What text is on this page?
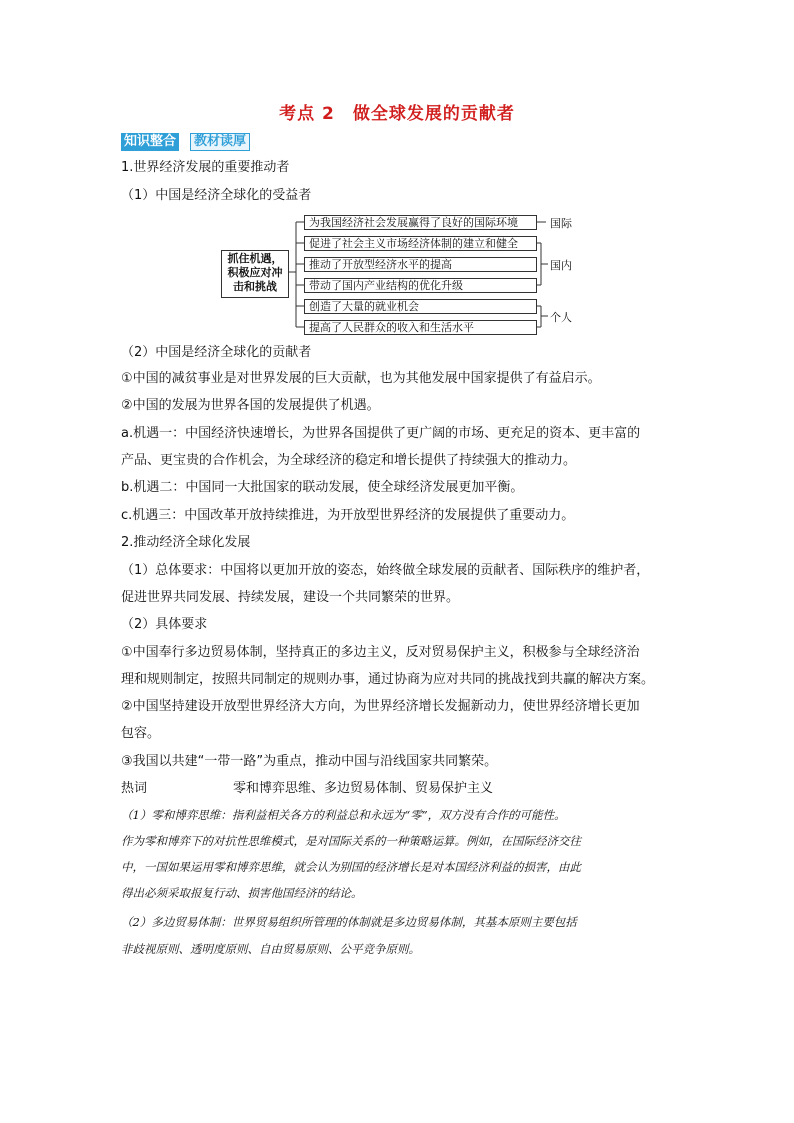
考点 2　做全球发展的贡献者
知识整合	教材读厚
1.世界经济发展的重要推动者
（1）中国是经济全球化的受益者
抓住机遇，积极应对冲击和挑战
为我国经济社会发展赢得了良好的国际环境
促进了社会主义市场经济体制的建立和健全
推动了开放型经济水平的提高
带动了国内产业结构的优化升级
创造了大量的就业机会
提高了人民群众的收入和生活水平
国际
国内
个人
（2）中国是经济全球化的贡献者
①中国的减贫事业是对世界发展的巨大贡献，也为其他发展中国家提供了有益启示。
②中国的发展为世界各国的发展提供了机遇。
a.机遇一：中国经济快速增长，为世界各国提供了更广阔的市场、更充足的资本、更丰富的
产品、更宝贵的合作机会，为全球经济的稳定和增长提供了持续强大的推动力。
b.机遇二：中国同一大批国家的联动发展，使全球经济发展更加平衡。
c.机遇三：中国改革开放持续推进，为开放型世界经济的发展提供了重要动力。
2.推动经济全球化发展
（1）总体要求：中国将以更加开放的姿态，始终做全球发展的贡献者、国际秩序的维护者，
促进世界共同发展、持续发展，建设一个共同繁荣的世界。
（2）具体要求
①中国奉行多边贸易体制，坚持真正的多边主义，反对贸易保护主义，积极参与全球经济治
理和规则制定，按照共同制定的规则办事，通过协商为应对共同的挑战找到共赢的解决方案。
②中国坚持建设开放型世界经济大方向，为世界经济增长发掘新动力，使世界经济增长更加
包容。
③我国以共建“一带一路”为重点，推动中国与沿线国家共同繁荣。
热词	零和博弈思维、多边贸易体制、贸易保护主义
（1）零和博弈思维：指利益相关各方的利益总和永远为“零”，双方没有合作的可能性。
作为零和博弈下的对抗性思维模式，是对国际关系的一种策略运算。例如，在国际经济交往
中，一国如果运用零和博弈思维，就会认为别国的经济增长是对本国经济利益的损害，由此
得出必须采取报复行动、损害他国经济的结论。
（2）多边贸易体制：世界贸易组织所管理的体制就是多边贸易体制，其基本原则主要包括
非歧视原则、透明度原则、自由贸易原则、公平竞争原则。
